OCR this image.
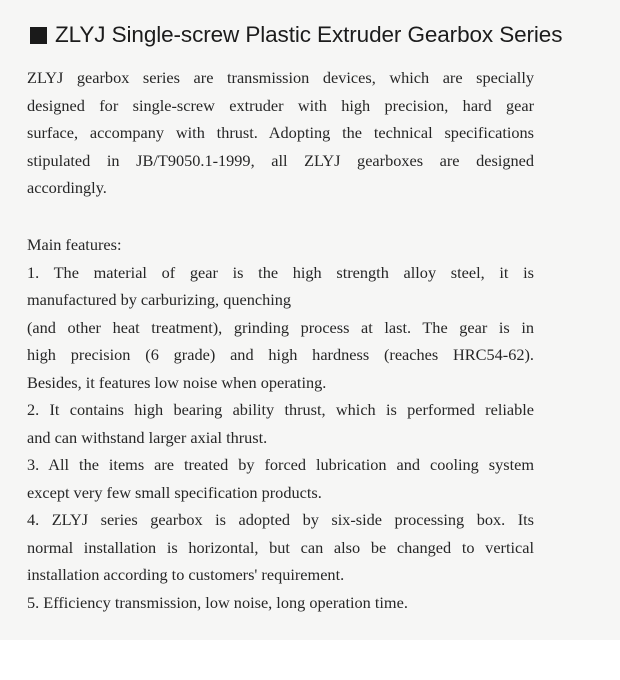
ZLYJ Single-screw Plastic Extruder Gearbox Series
ZLYJ gearbox series are transmission devices, which are specially
designed for single-screw extruder with high precision, hard gear
surface, accompany with thrust. Adopting the technical specifications
stipulated in JB/T9050.1-1999, all ZLYJ gearboxes are designed
accordingly.
Main features:
1. The material of gear is the high strength alloy steel, it is
manufactured by carburizing, quenching
(and other heat treatment), grinding process at last. The gear is in
high precision (6 grade) and high hardness (reaches HRC54-62).
Besides, it features low noise when operating.
2. It contains high bearing ability thrust, which is performed reliable
and can withstand larger axial thrust.
3. All the items are treated by forced lubrication and cooling system
except very few small specification products.
4. ZLYJ series gearbox is adopted by six-side processing box. Its
normal installation is horizontal, but can also be changed to vertical
installation according to customers' requirement.
5. Efficiency transmission, low noise, long operation time.
